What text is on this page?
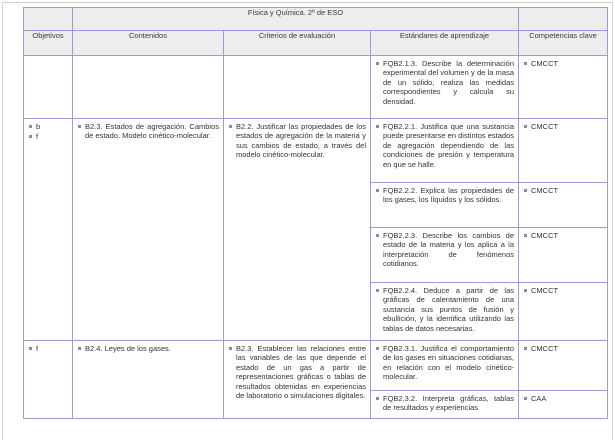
	Física y Química. 2º de ESO			
Objetivos	Contenidos	Criterios de evaluación	Estándares de aprendizaje	Competencias clave

			FQB2.1.3. Describe la determinación experimental del volumen y de la masa de un sólido, realiza las medidas correspondientes y calcula su densidad.	CMCCT

b
f	B2.3. Estados de agregación. Cambios de estado. Modelo cinético-molecular.	B2.2. Justificar las propiedades de los estados de agregación de la materia y sus cambios de estado, a través del modelo cinético-molecular.	FQB2.2.1. Justifica que una sustancia puede presentarse en distintos estados de agregación dependiendo de las condiciones de presión y temperatura en que se halle.	CMCCT

			FQB2.2.2. Explica las propiedades de los gases, los líquidos y los sólidos.	CMCCT

			FQB2.2.3. Describe los cambios de estado de la materia y los aplica a la interpretación de fenómenos cotidianos.	CMCCT

			FQB2.2.4. Deduce a partir de las gráficas de calentamiento de una sustancia sus puntos de fusión y ebullición, y la identifica utilizando las tablas de datos necesarias.	CMCCT

f	B2.4. Leyes de los gases.	B2.3. Establecer las relaciones entre las variables de las que depende el estado de un gas a partir de representaciones gráficas o tablas de resultados obtenidas en experiencias de laboratorio o simulaciones digitales.	FQB2.3.1. Justifica el comportamiento de los gases en situaciones cotidianas, en relación con el modelo cinético-molecular.	CMCCT

			FQB2.3.2. Interpreta gráficas, tablas de resultados y experiencias	CAA
